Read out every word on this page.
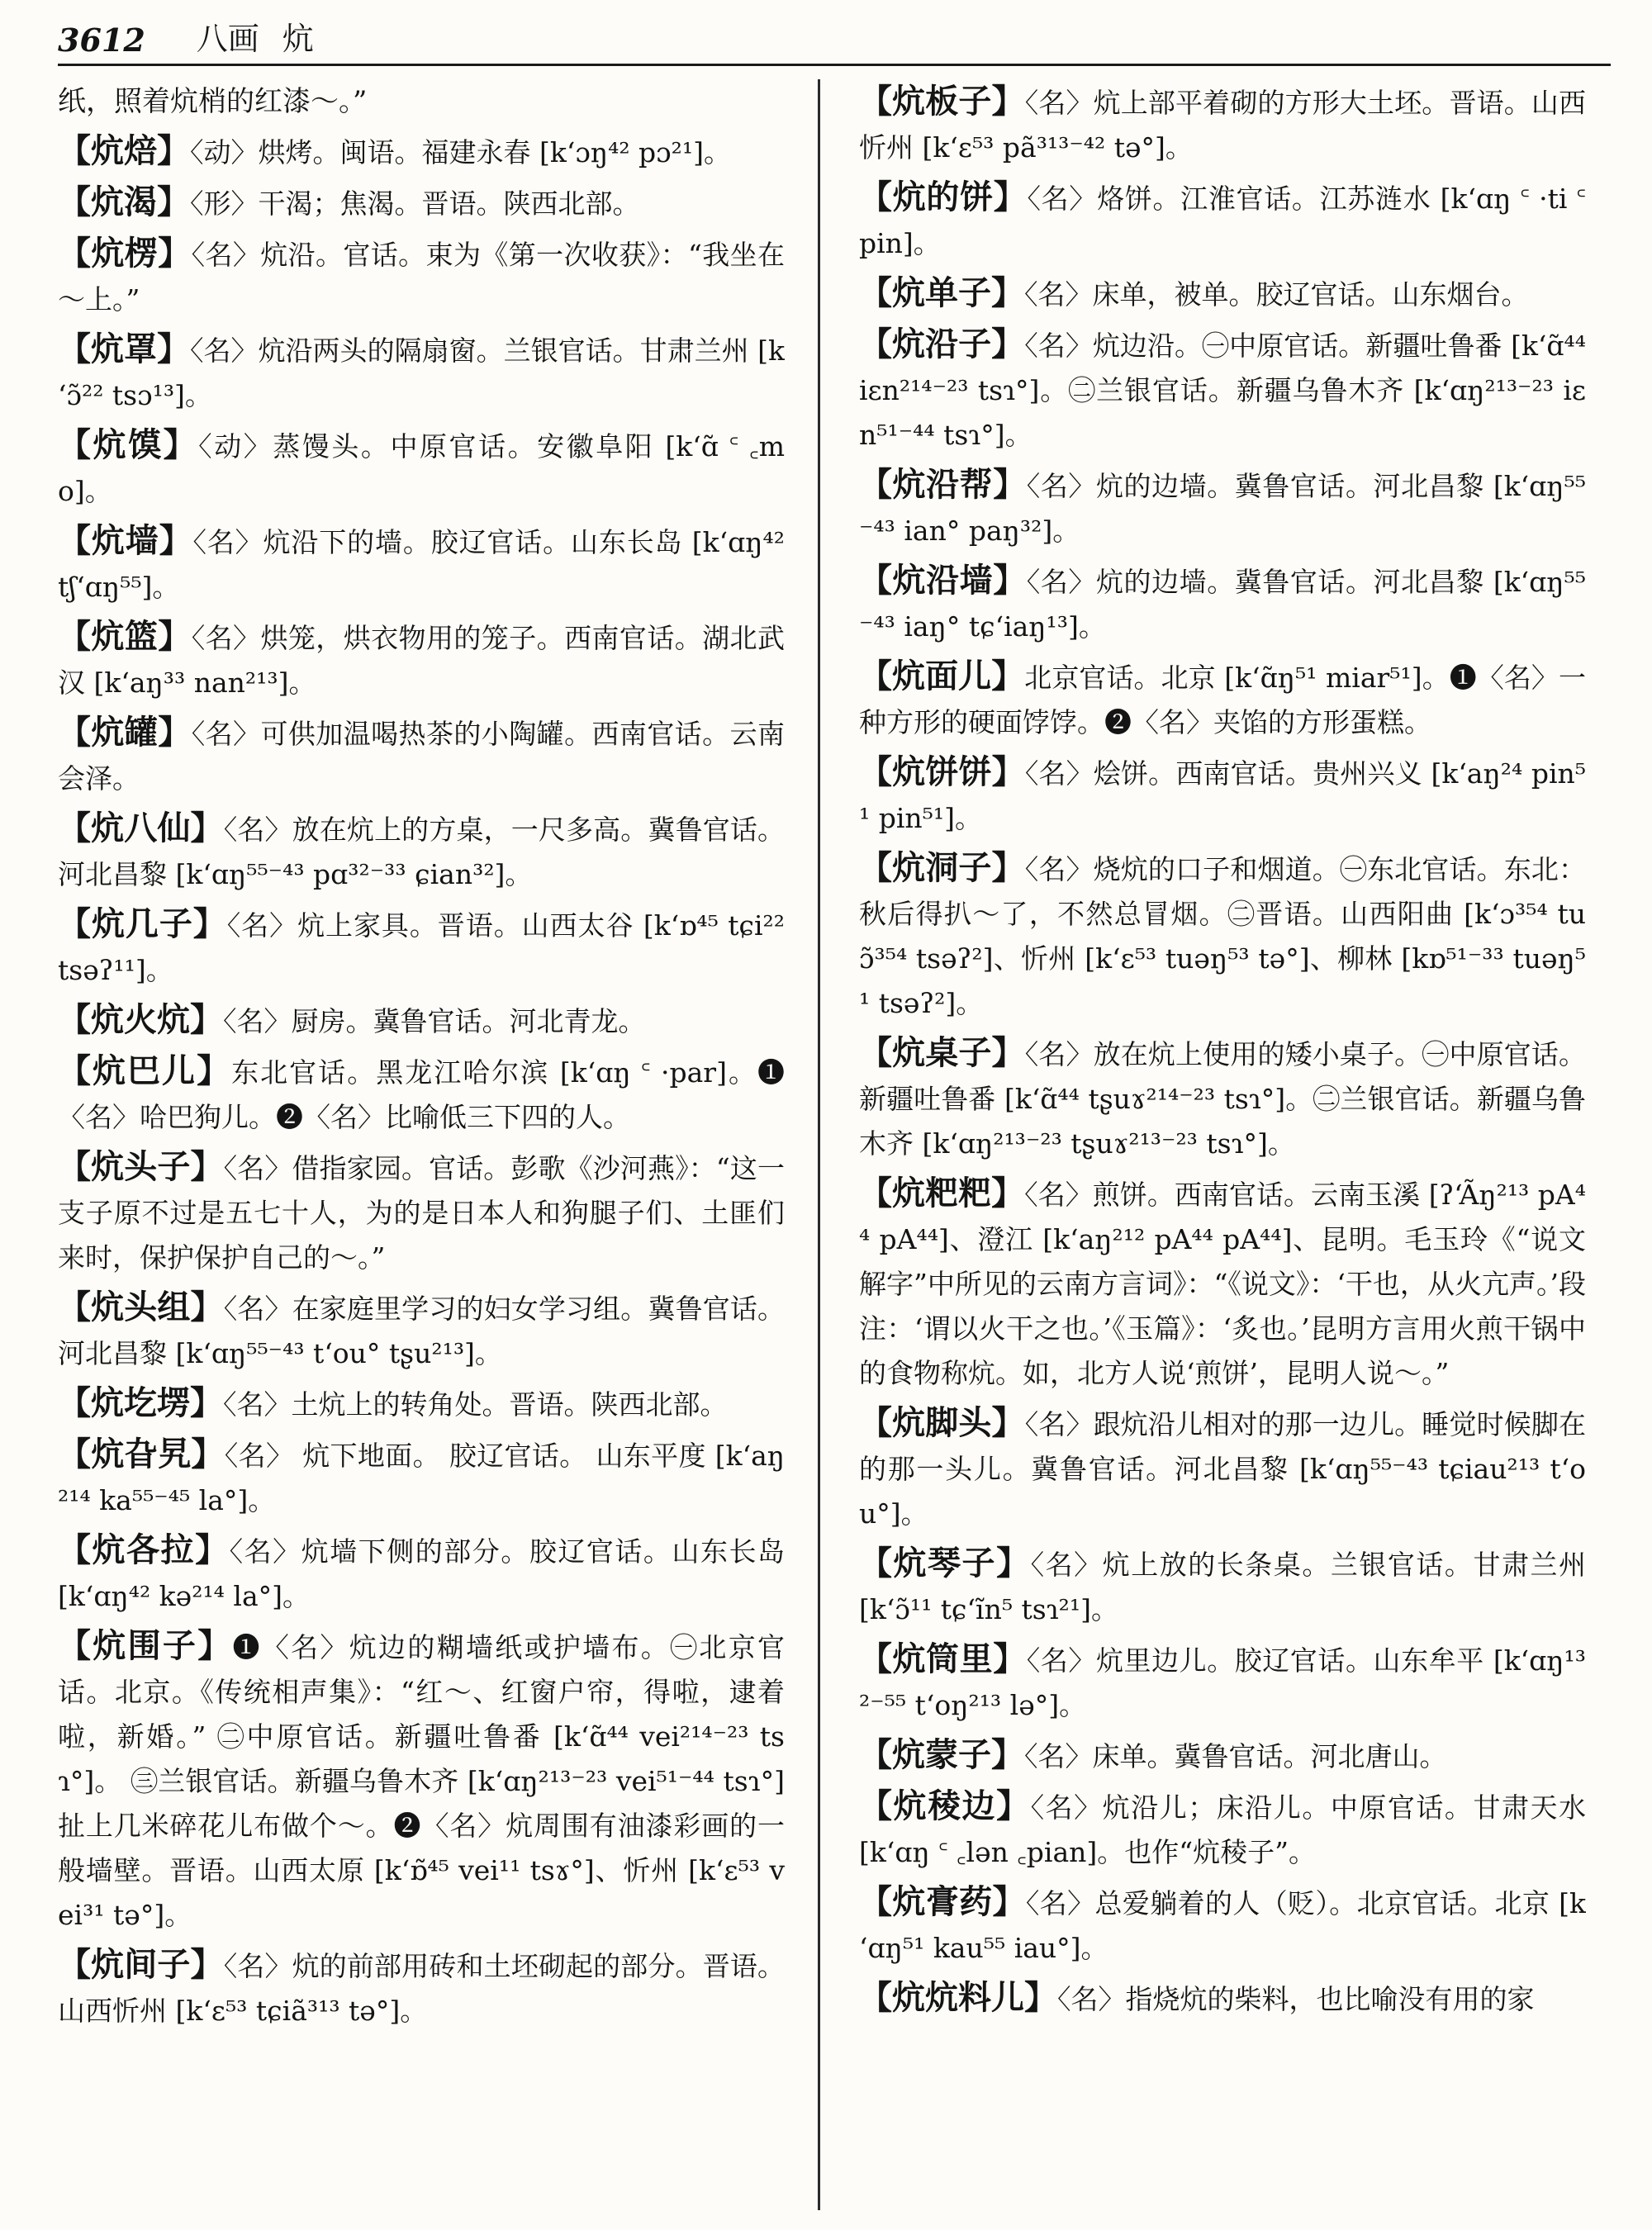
3612 八画 炕
纸，照着炕梢的红漆～。”
【炕焙】〈动〉烘烤。闽语。福建永春 [kʻɔŋ⁴² pɔ²¹]。
【炕渴】〈形〉干渴；焦渴。晋语。陕西北部。
【炕楞】〈名〉炕沿。官话。束为《第一次收获》：“我坐在～上。”
【炕罩】〈名〉炕沿两头的隔扇窗。兰银官话。甘肃兰州 [kʻɔ̃²² tsɔ¹³]。
【炕馍】〈动〉蒸馒头。中原官话。安徽阜阳 [kʻɑ̃ ꜂ ꜀mo]。
【炕墙】〈名〉炕沿下的墙。胶辽官话。山东长岛 [kʻɑŋ⁴² tʃʻɑŋ⁵⁵]。
【炕篮】〈名〉烘笼，烘衣物用的笼子。西南官话。湖北武汉 [kʻaŋ³³ nan²¹³]。
【炕罐】〈名〉可供加温喝热茶的小陶罐。西南官话。云南会泽。
【炕八仙】〈名〉放在炕上的方桌，一尺多高。冀鲁官话。河北昌黎 [kʻɑŋ⁵⁵⁻⁴³ pɑ³²⁻³³ ɕian³²]。
【炕几子】〈名〉炕上家具。晋语。山西太谷 [kʻɒ⁴⁵ tɕi²² tsəʔ¹¹]。
【炕火炕】〈名〉厨房。冀鲁官话。河北青龙。
【炕巴儿】东北官话。黑龙江哈尔滨 [kʻɑŋ ꜂ ·par]。❶〈名〉哈巴狗儿。❷〈名〉比喻低三下四的人。
【炕头子】〈名〉借指家园。官话。彭歌《沙河燕》：“这一支子原不过是五七十人，为的是日本人和狗腿子们、土匪们来时，保护保护自己的～。”
【炕头组】〈名〉在家庭里学习的妇女学习组。冀鲁官话。河北昌黎 [kʻɑŋ⁵⁵⁻⁴³ tʻou° tʂu²¹³]。
【炕圪塄】〈名〉土炕上的转角处。晋语。陕西北部。
【炕旮旯】〈名〉 炕下地面。 胶辽官话。 山东平度 [kʻaŋ²¹⁴ ka⁵⁵⁻⁴⁵ la°]。
【炕各拉】〈名〉炕墙下侧的部分。胶辽官话。山东长岛 [kʻɑŋ⁴² kə²¹⁴ la°]。
【炕围子】❶〈名〉炕边的糊墙纸或护墙布。㊀北京官话。北京。《传统相声集》：“红～、红窗户帘，得啦，逮着啦，新婚。” ㊁中原官话。新疆吐鲁番 [kʻɑ̃⁴⁴ vei²¹⁴⁻²³ tsɿ°]。 ㊂兰银官话。新疆乌鲁木齐 [kʻɑŋ²¹³⁻²³ vei⁵¹⁻⁴⁴ tsɿ°] 扯上几米碎花儿布做个～。❷〈名〉炕周围有油漆彩画的一般墙壁。晋语。山西太原 [kʻɒ̃⁴⁵ vei¹¹ tsɤ°]、忻州 [kʻɛ⁵³ vei³¹ tə°]。
【炕间子】〈名〉炕的前部用砖和土坯砌起的部分。晋语。山西忻州 [kʻɛ⁵³ tɕiã³¹³ tə°]。
【炕板子】〈名〉炕上部平着砌的方形大土坯。晋语。山西忻州 [kʻɛ⁵³ pã³¹³⁻⁴² tə°]。
【炕的饼】〈名〉烙饼。江淮官话。江苏涟水 [kʻɑŋ ꜂ ·ti ꜂pin]。
【炕单子】〈名〉床单，被单。胶辽官话。山东烟台。
【炕沿子】〈名〉炕边沿。㊀中原官话。新疆吐鲁番 [kʻɑ̃⁴⁴ iɛn²¹⁴⁻²³ tsɿ°]。㊁兰银官话。新疆乌鲁木齐 [kʻɑŋ²¹³⁻²³ iɛn⁵¹⁻⁴⁴ tsɿ°]。
【炕沿帮】〈名〉炕的边墙。冀鲁官话。河北昌黎 [kʻɑŋ⁵⁵⁻⁴³ ian° paŋ³²]。
【炕沿墙】〈名〉炕的边墙。冀鲁官话。河北昌黎 [kʻɑŋ⁵⁵⁻⁴³ iaŋ° tɕʻiaŋ¹³]。
【炕面儿】北京官话。北京 [kʻɑ̃ŋ⁵¹ miar⁵¹]。❶〈名〉一种方形的硬面饽饽。❷〈名〉夹馅的方形蛋糕。
【炕饼饼】〈名〉烩饼。西南官话。贵州兴义 [kʻaŋ²⁴ pin⁵¹ pin⁵¹]。
【炕洞子】〈名〉烧炕的口子和烟道。㊀东北官话。东北：秋后得扒～了，不然总冒烟。㊁晋语。山西阳曲 [kʻɔ³⁵⁴ tuɔ̃³⁵⁴ tsəʔ²]、忻州 [kʻɛ⁵³ tuəŋ⁵³ tə°]、柳林 [kɒ⁵¹⁻³³ tuəŋ⁵¹ tsəʔ²]。
【炕桌子】〈名〉放在炕上使用的矮小桌子。㊀中原官话。新疆吐鲁番 [kʻɑ̃⁴⁴ tʂuɤ²¹⁴⁻²³ tsɿ°]。㊁兰银官话。新疆乌鲁木齐 [kʻɑŋ²¹³⁻²³ tʂuɤ²¹³⁻²³ tsɿ°]。
【炕粑粑】〈名〉煎饼。西南官话。云南玉溪 [ʔʻÃŋ²¹³ pA⁴⁴ pA⁴⁴]、澄江 [kʻaŋ²¹² pA⁴⁴ pA⁴⁴]、昆明。毛玉玲《“说文解字”中所见的云南方言词》：“《说文》：‘干也，从火亢声。’段注：‘谓以火干之也。’《玉篇》：‘炙也。’昆明方言用火煎干锅中的食物称炕。如，北方人说‘煎饼’，昆明人说～。”
【炕脚头】〈名〉跟炕沿儿相对的那一边儿。睡觉时候脚在的那一头儿。冀鲁官话。河北昌黎 [kʻɑŋ⁵⁵⁻⁴³ tɕiau²¹³ tʻou°]。
【炕琴子】〈名〉炕上放的长条桌。兰银官话。甘肃兰州 [kʻɔ̃¹¹ tɕʻĩn⁵ tsɿ²¹]。
【炕筒里】〈名〉炕里边儿。胶辽官话。山东牟平 [kʻɑŋ¹³²⁻⁵⁵ tʻoŋ²¹³ lə°]。
【炕蒙子】〈名〉床单。冀鲁官话。河北唐山。
【炕稜边】〈名〉炕沿儿；床沿儿。中原官话。甘肃天水 [kʻɑŋ ꜂ ꜀lən ꜀pian]。也作“炕稜子”。
【炕膏药】〈名〉总爱躺着的人（贬）。北京官话。北京 [kʻɑŋ⁵¹ kau⁵⁵ iau°]。
【炕炕料儿】〈名〉指烧炕的柴料，也比喻没有用的家
